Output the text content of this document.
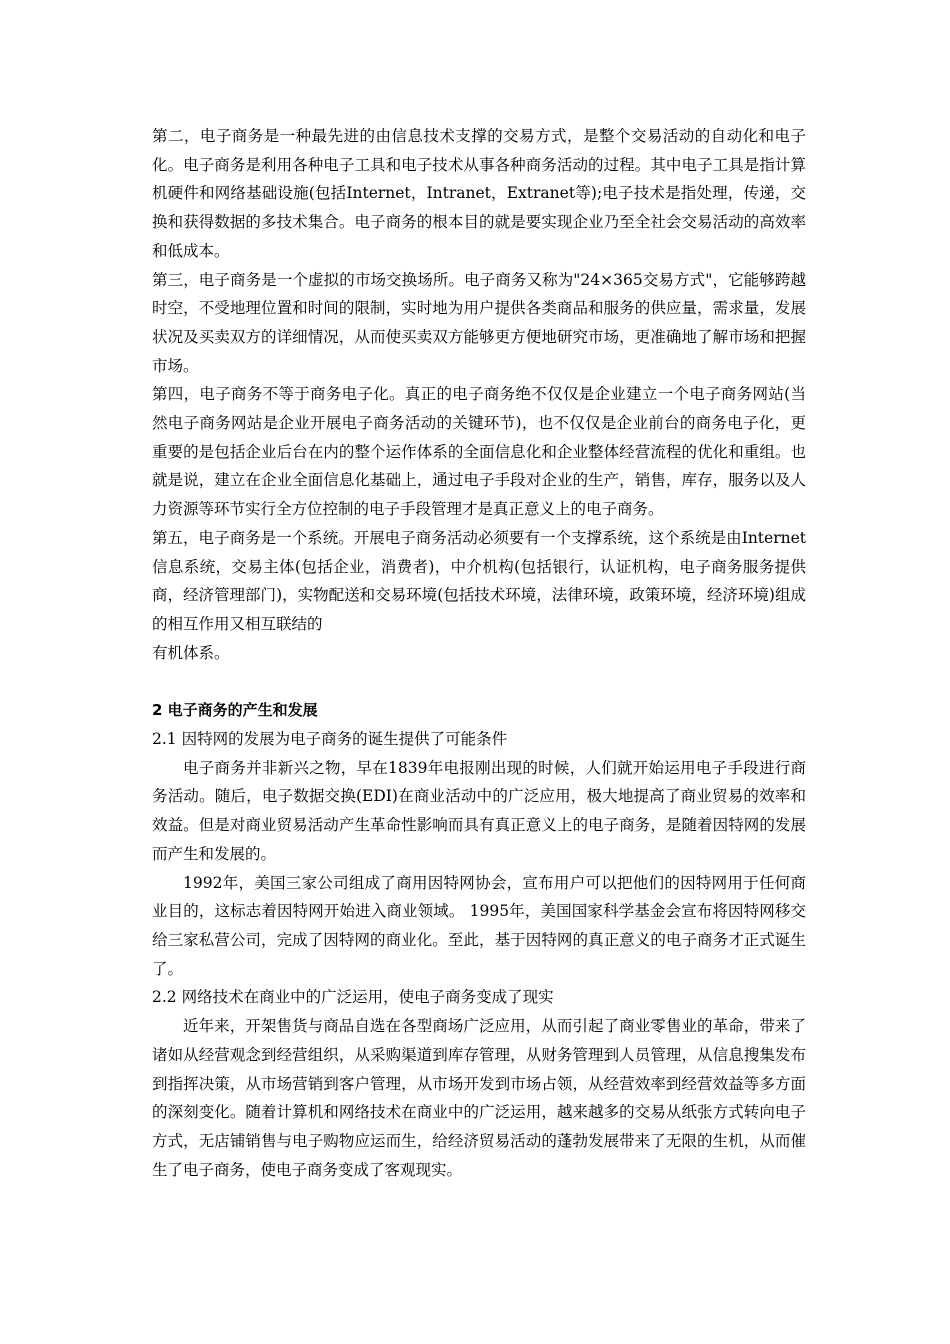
第二，电子商务是一种最先进的由信息技术支撑的交易方式，是整个交易活动的自动化和电子化。电子商务是利用各种电子工具和电子技术从事各种商务活动的过程。其中电子工具是指计算机硬件和网络基础设施(包括Internet，Intranet，Extranet等);电子技术是指处理，传递，交换和获得数据的多技术集合。电子商务的根本目的就是要实现企业乃至全社会交易活动的高效率和低成本。

第三，电子商务是一个虚拟的市场交换场所。电子商务又称为"24×365交易方式"，它能够跨越时空，不受地理位置和时间的限制，实时地为用户提供各类商品和服务的供应量，需求量，发展状况及买卖双方的详细情况，从而使买卖双方能够更方便地研究市场，更准确地了解市场和把握市场。

第四，电子商务不等于商务电子化。真正的电子商务绝不仅仅是企业建立一个电子商务网站(当然电子商务网站是企业开展电子商务活动的关键环节)，也不仅仅是企业前台的商务电子化，更重要的是包括企业后台在内的整个运作体系的全面信息化和企业整体经营流程的优化和重组。也就是说，建立在企业全面信息化基础上，通过电子手段对企业的生产，销售，库存，服务以及人力资源等环节实行全方位控制的电子手段管理才是真正意义上的电子商务。

第五，电子商务是一个系统。开展电子商务活动必须要有一个支撑系统，这个系统是由Internet信息系统，交易主体(包括企业，消费者)，中介机构(包括银行，认证机构，电子商务服务提供商，经济管理部门)，实物配送和交易环境(包括技术环境，法律环境，政策环境，经济环境)组成的相互作用又相互联结的

有机体系。

2 电子商务的产生和发展

2.1 因特网的发展为电子商务的诞生提供了可能条件

电子商务并非新兴之物，早在1839年电报刚出现的时候，人们就开始运用电子手段进行商务活动。随后，电子数据交换(EDI)在商业活动中的广泛应用，极大地提高了商业贸易的效率和效益。但是对商业贸易活动产生革命性影响而具有真正意义上的电子商务，是随着因特网的发展而产生和发展的。

1992年，美国三家公司组成了商用因特网协会，宣布用户可以把他们的因特网用于任何商业目的，这标志着因特网开始进入商业领域。 1995年，美国国家科学基金会宣布将因特网移交给三家私营公司，完成了因特网的商业化。至此，基于因特网的真正意义的电子商务才正式诞生了。

2.2 网络技术在商业中的广泛运用，使电子商务变成了现实

近年来，开架售货与商品自选在各型商场广泛应用，从而引起了商业零售业的革命，带来了诸如从经营观念到经营组织，从采购渠道到库存管理，从财务管理到人员管理，从信息搜集发布到指挥决策，从市场营销到客户管理，从市场开发到市场占领，从经营效率到经营效益等多方面的深刻变化。随着计算机和网络技术在商业中的广泛运用，越来越多的交易从纸张方式转向电子方式，无店铺销售与电子购物应运而生，给经济贸易活动的蓬勃发展带来了无限的生机，从而催生了电子商务，使电子商务变成了客观现实。
